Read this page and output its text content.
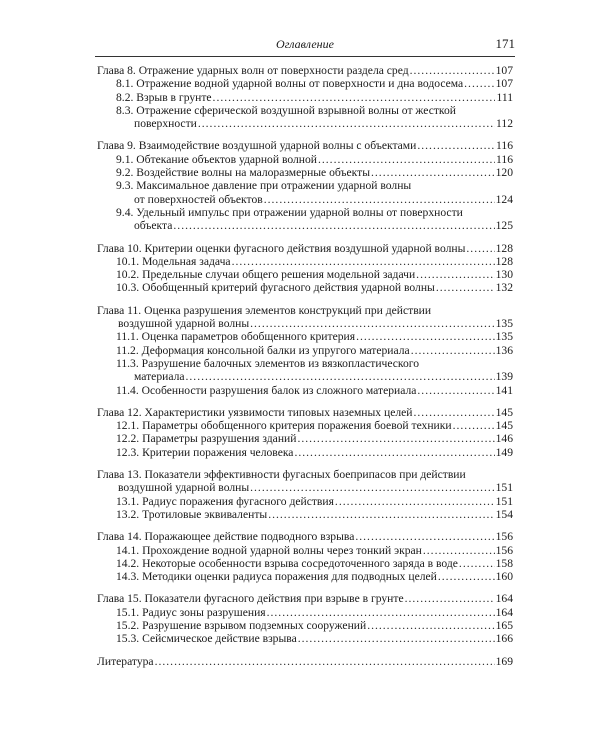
Оглавление	171
Глава 8. Отражение ударных волн от поверхности раздела сред .....	107
8.1. Отражение водной ударной волны от поверхности и дна водосема .....	107
8.2. Взрыв в грунте .....	111
8.3. Отражение сферической воздушной взрывной волны от жесткой
поверхности .....	112
Глава 9. Взаимодействие воздушной ударной волны с объектами .....	116
9.1. Обтекание объектов ударной волной .....	116
9.2. Воздействие волны на малоразмерные объекты .....	120
9.3. Максимальное давление при отражении ударной волны
от поверхностей объектов .....	124
9.4. Удельный импульс при отражении ударной волны от поверхности
объекта .....	125
Глава 10. Критерии оценки фугасного действия воздушной ударной волны .....	128
10.1. Модельная задача .....	128
10.2. Предельные случаи общего решения модельной задачи .....	130
10.3. Обобщенный критерий фугасного действия ударной волны .....	132
Глава 11. Оценка разрушения элементов конструкций при действии
воздушной ударной волны .....	135
11.1. Оценка параметров обобщенного критерия .....	135
11.2. Деформация консольной балки из упругого материала .....	136
11.3. Разрушение балочных элементов из вязкопластического
материала .....	139
11.4. Особенности разрушения балок из сложного материала .....	141
Глава 12. Характеристики уязвимости типовых наземных целей .....	145
12.1. Параметры обобщенного критерия поражения боевой техники .....	145
12.2. Параметры разрушения зданий .....	146
12.3. Критерии поражения человека .....	149
Глава 13. Показатели эффективности фугасных боеприпасов при действии
воздушной ударной волны .....	151
13.1. Радиус поражения фугасного действия .....	151
13.2. Тротиловые эквиваленты .....	154
Глава 14. Поражающее действие подводного взрыва .....	156
14.1. Прохождение водной ударной волны через тонкий экран .....	156
14.2. Некоторые особенности взрыва сосредоточенного заряда в воде .....	158
14.3. Методики оценки радиуса поражения для подводных целей .....	160
Глава 15. Показатели фугасного действия при взрыве в грунте .....	164
15.1. Радиус зоны разрушения .....	164
15.2. Разрушение взрывом подземных сооружений .....	165
15.3. Сейсмическое действие взрыва .....	166
Литература .....	169
